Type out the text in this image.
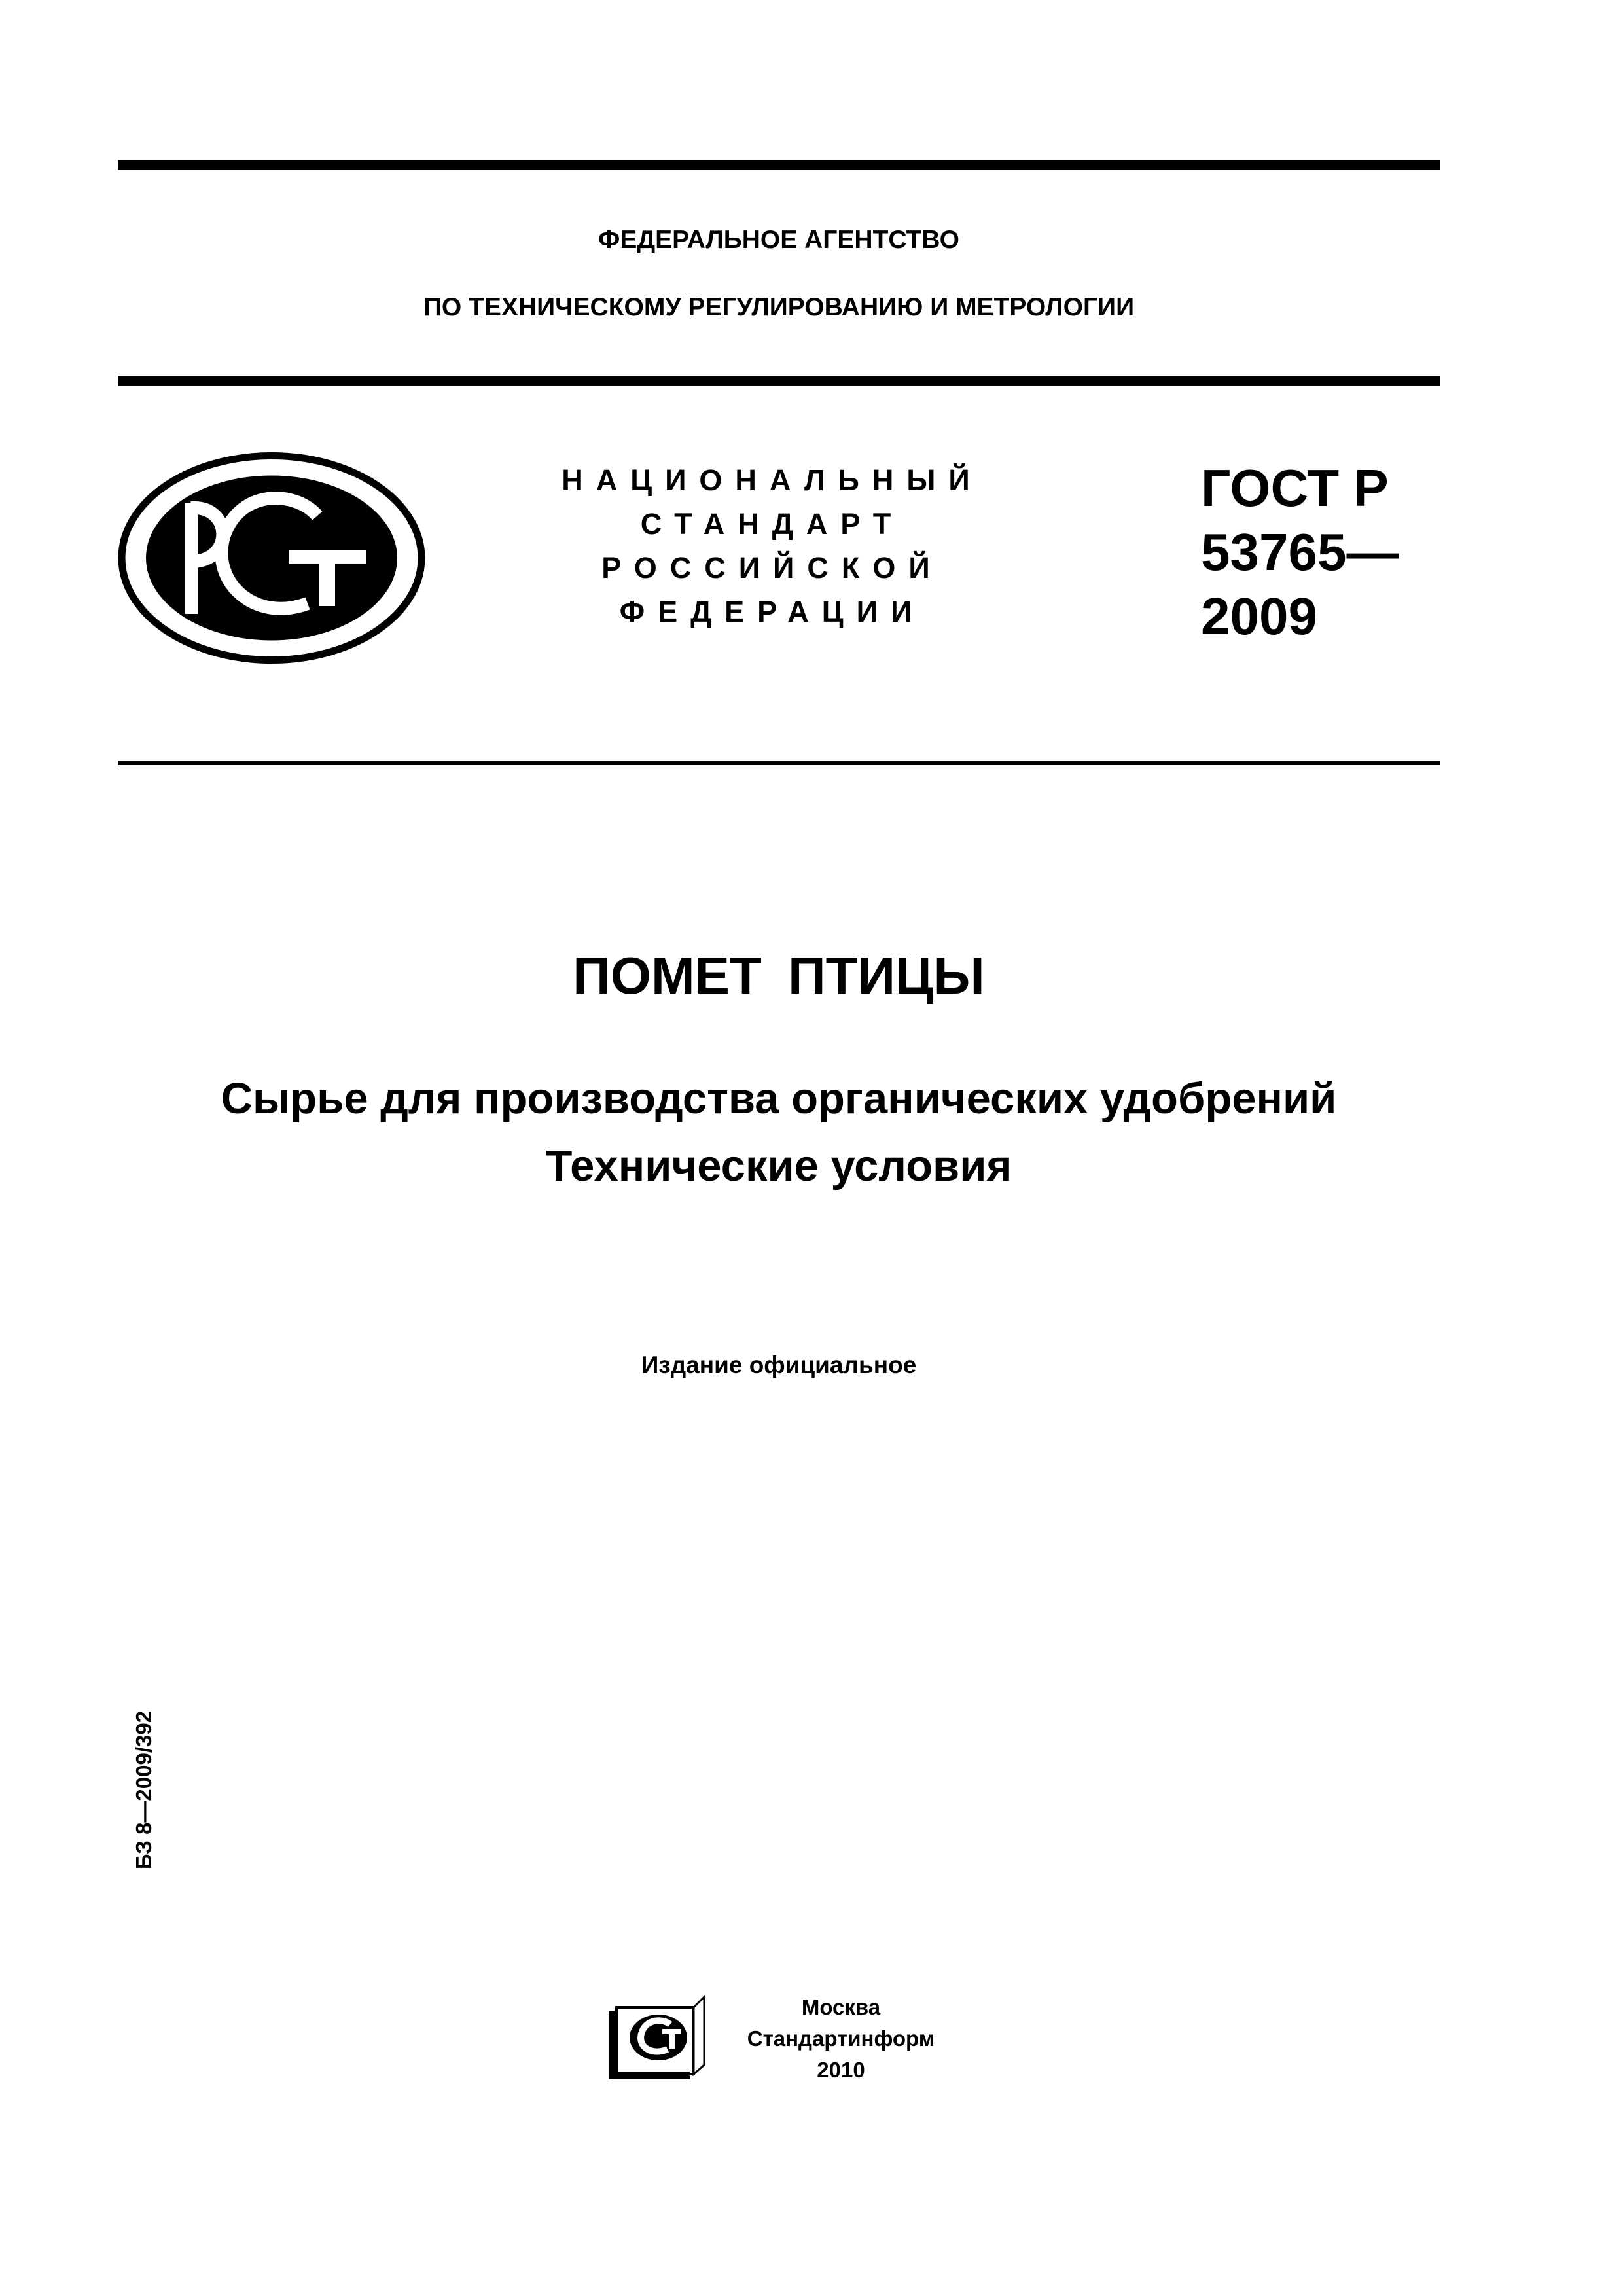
ФЕДЕРАЛЬНОЕ АГЕНТСТВО
ПО ТЕХНИЧЕСКОМУ РЕГУЛИРОВАНИЮ И МЕТРОЛОГИИ
НАЦИОНАЛЬНЫЙ
СТАНДАРТ
РОССИЙСКОЙ
ФЕДЕРАЦИИ
ГОСТ Р
53765—
2009
ПОМЕТ ПТИЦЫ
Сырье для производства органических удобрений
Технические условия
Издание официальное
БЗ 8—2009/392
Москва
Стандартинформ
2010
